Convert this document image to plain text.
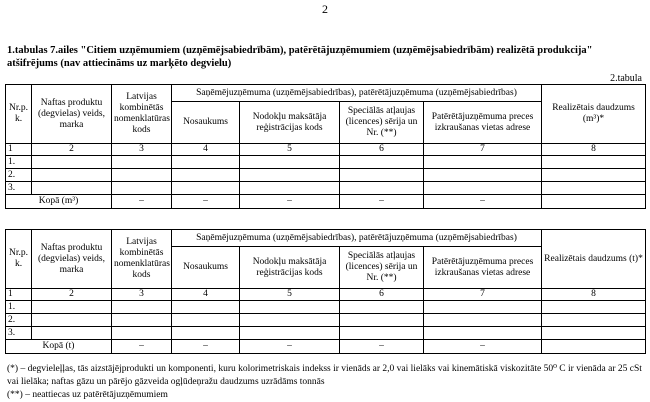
2
1.tabulas 7.ailes "Citiem uzņēmumiem (uzņēmējsabiedrībām), patērētājuzņēmumiem (uzņēmējsabiedrībām) realizētā produkcija"
atšifrējums (nav attiecināms uz marķēto degvielu)
2.tabula
Nr.p. k.	Naftas produktu (degvielas) veids, marka	Latvijas kombinētās nomenklatūras kods	Saņēmējuzņēmuma (uzņēmējsabiedrības), patērētājuzņēmuma (uzņēmējsabiedrības)				Realizētais daudzums (m³)*
			Nosaukums	Nodokļu maksātāja reģistrācijas kods	Speciālās atļaujas (licences) sērija un Nr. (**)	Patērētājuzņēmuma preces izkraušanas vietas adrese	
1	2	3	4	5	6	7	8
1.							
2.							
3.							
Kopā (m³)		–	–	–	–	–	
Nr.p. k.	Naftas produktu (degvielas) veids, marka	Latvijas kombinētās nomenklatūras kods	Saņēmējuzņēmuma (uzņēmējsabiedrības), patērētājuzņēmuma (uzņēmējsabiedrības)				Realizētais daudzums (t)*
			Nosaukums	Nodokļu maksātāja reģistrācijas kods	Speciālās atļaujas (licences) sērija un Nr. (**)	Patērētājuzņēmuma preces izkraušanas vietas adrese	
1	2	3	4	5	6	7	8
1.							
2.							
3.							
Kopā (t)		–	–	–	–	–	

(*) – degvieleļļas, tās aizstājējprodukti un komponenti, kuru kolorimetriskais indekss ir vienāds ar 2,0 vai lielāks vai kinemātiskā viskozitāte 50⁰ C ir vienāda ar 25 cSt vai lielāka; naftas gāzu un pārējo gāzveida ogļūdeņražu daudzums uzrādāms tonnās

(**) – neattiecas uz patērētājuzņēmumiem
